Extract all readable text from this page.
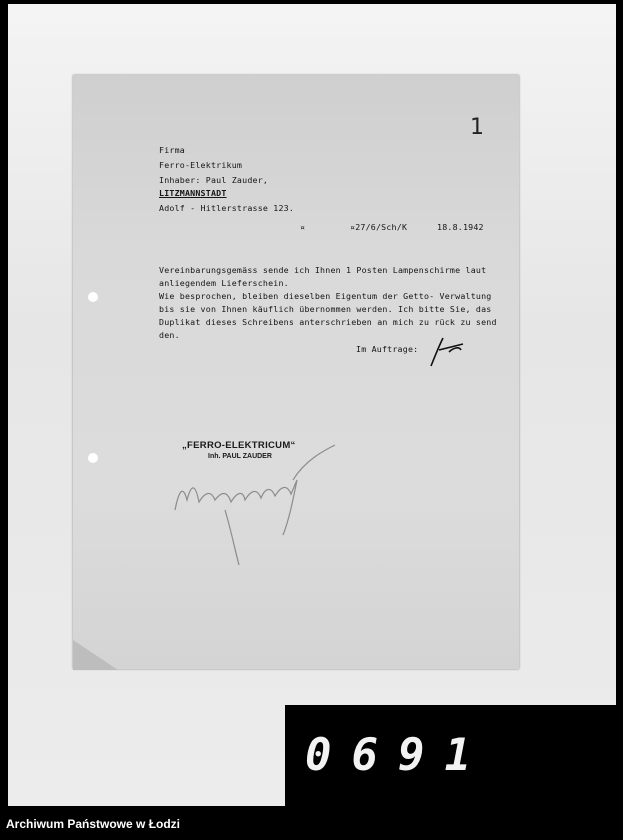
1
Firma
Ferro-Elektrikum
Inhaber: Paul Zauder,
LITZMANNSTADT
Adolf - Hitlerstrasse 123.
¤	¤27/6/Sch/K	18.8.1942
Vereinbarungsgemäss sende ich Ihnen 1 Posten Lampenschirme laut
anliegendem Lieferschein.
Wie besprochen, bleiben dieselben Eigentum der Getto- Verwaltung
bis sie von Ihnen käuflich übernommen werden. Ich bitte Sie, das
Duplikat dieses Schreibens anterschrieben an mich zu rück zu send
den.
Im Auftrage:
„FERRO-ELEKTRICUM“
Inh. PAUL ZAUDER
0691
Archiwum Państwowe w Łodzi
